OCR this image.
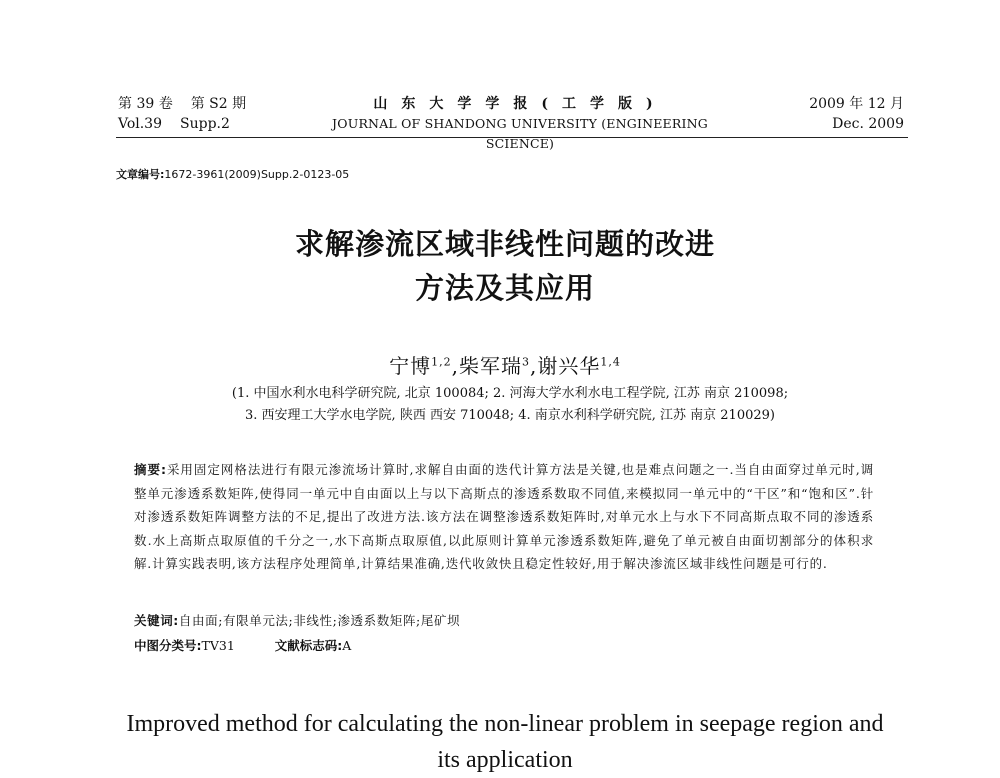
第 39 卷 第 S2 期
Vol.39 Supp.2
山东大学学报(工学版)
JOURNAL OF SHANDONG UNIVERSITY (ENGINEERING SCIENCE)
2009 年 12 月
Dec. 2009
文章编号:1672-3961(2009)Supp.2-0123-05
求解渗流区域非线性问题的改进
方法及其应用
宁博$^{1,2}$,柴军瑞$^3$,谢兴华$^{1,4}$
(1. 中国水利水电科学研究院, 北京 100084; 2. 河海大学水利水电工程学院, 江苏 南京 210098;
3. 西安理工大学水电学院, 陕西 西安 710048; 4. 南京水利科学研究院, 江苏 南京 210029)
摘要:采用固定网格法进行有限元渗流场计算时,求解自由面的迭代计算方法是关键,也是难点问题之一.当自由面穿过单元时,调整单元渗透系数矩阵,使得同一单元中自由面以上与以下高斯点的渗透系数取不同值,来模拟同一单元中的“干区”和“饱和区”.针对渗透系数矩阵调整方法的不足,提出了改进方法.该方法在调整渗透系数矩阵时,对单元水上与水下不同高斯点取不同的渗透系数.水上高斯点取原值的千分之一,水下高斯点取原值,以此原则计算单元渗透系数矩阵,避免了单元被自由面切割部分的体积求解.计算实践表明,该方法程序处理简单,计算结果准确,迭代收敛快且稳定性较好,用于解决渗流区域非线性问题是可行的.
关键词:自由面;有限单元法;非线性;渗透系数矩阵;尾矿坝
中图分类号:TV31	文献标志码:A
Improved method for calculating the non-linear problem in seepage region and its application
